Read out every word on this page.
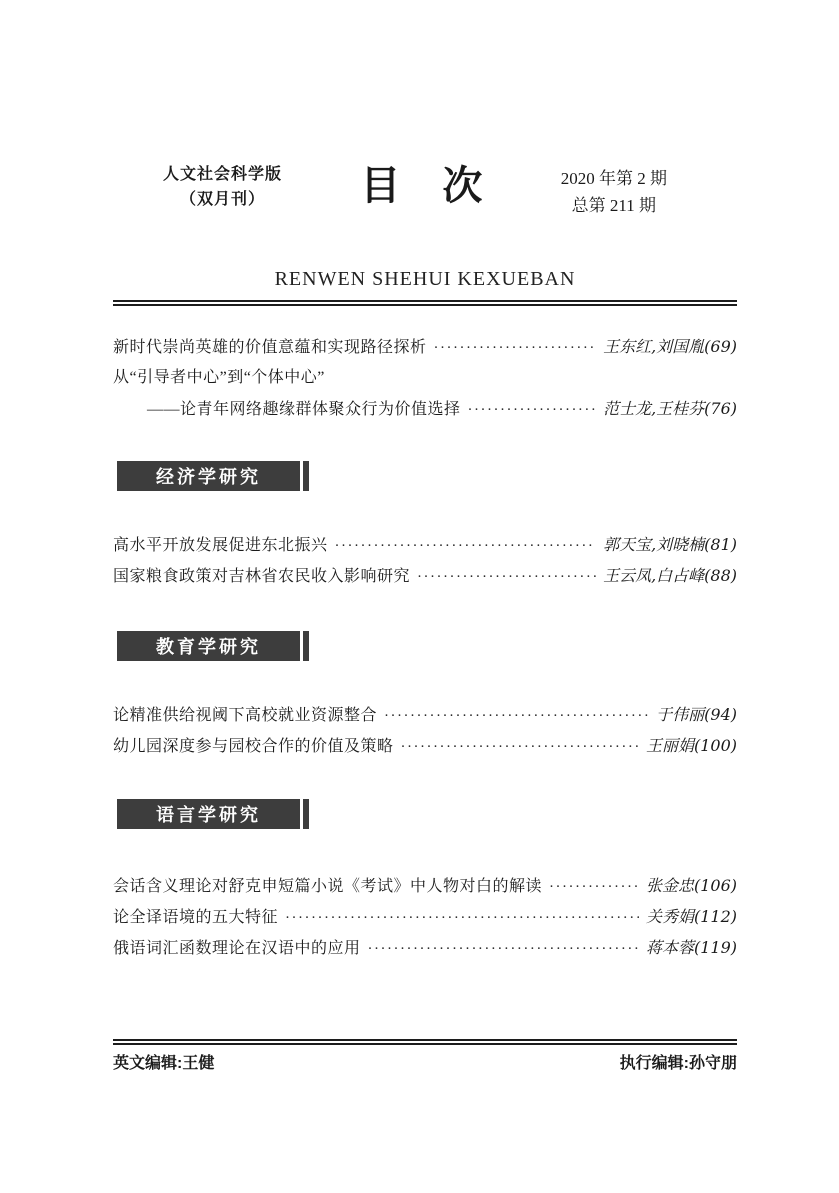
人文社会科学版
（双月刊）	目 次	2020 年第 2 期
总第 211 期
RENWEN SHEHUI KEXUEBAN
新时代崇尚英雄的价值意蕴和实现路径探析 ·····	王东红,刘国胤(69)
从“引导者中心”到“个体中心”
——论青年网络趣缘群体聚众行为价值选择 ·····	范士龙,王桂芬(76)
经济学研究
高水平开放发展促进东北振兴 ·····	郭天宝,刘晓楠(81)
国家粮食政策对吉林省农民收入影响研究 ·····	王云凤,白占峰(88)
教育学研究
论精准供给视阈下高校就业资源整合 ·····	于伟丽(94)
幼儿园深度参与园校合作的价值及策略 ·····	王丽娟(100)
语言学研究
会话含义理论对舒克申短篇小说《考试》中人物对白的解读 ·····	张金忠(106)
论全译语境的五大特征 ·····	关秀娟(112)
俄语词汇函数理论在汉语中的应用 ·····	蒋本蓉(119)
英文编辑:王健	执行编辑:孙守朋
